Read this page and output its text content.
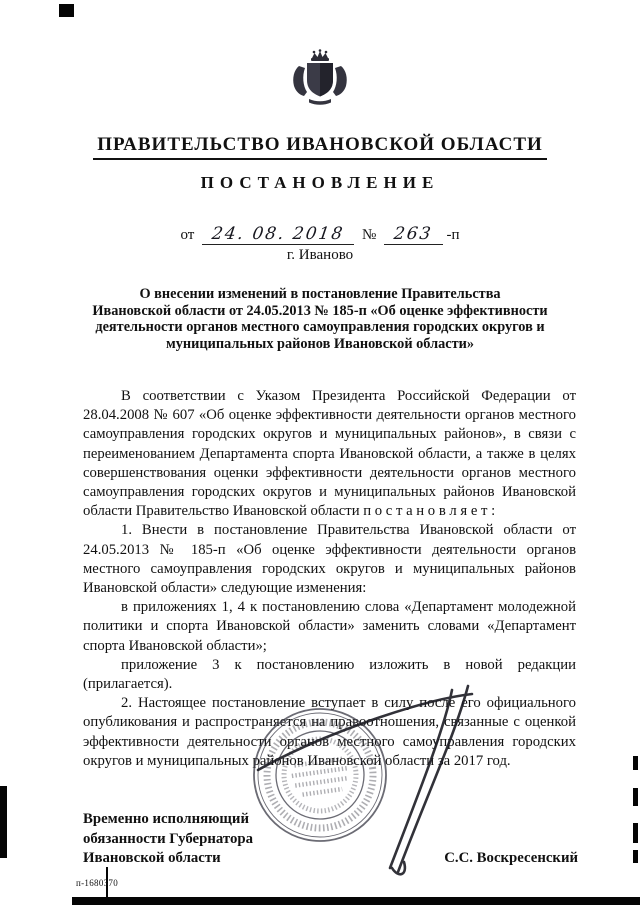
ПРАВИТЕЛЬСТВО ИВАНОВСКОЙ ОБЛАСТИ
ПОСТАНОВЛЕНИЕ
от 24. 08. 2018 № 263 -п
г. Иваново
О внесении изменений в постановление Правительства
Ивановской области от 24.05.2013 № 185-п «Об оценке эффективности
деятельности органов местного самоуправления городских округов и
муниципальных районов Ивановской области»

В соответствии с Указом Президента Российской Федерации от 28.04.2008 № 607 «Об оценке эффективности деятельности органов местного самоуправления городских округов и муниципальных районов», в связи с переименованием Департамента спорта Ивановской области, а также в целях совершенствования оценки эффективности деятельности органов местного самоуправления городских округов и муниципальных районов Ивановской области Правительство Ивановской области п о с т а н о в л я е т :

1. Внести в постановление Правительства Ивановской области от 24.05.2013 № 185-п «Об оценке эффективности деятельности органов местного самоуправления городских округов и муниципальных районов Ивановской области» следующие изменения:

в приложениях 1, 4 к постановлению слова «Департамент молодежной политики и спорта Ивановской области» заменить словами «Департамент спорта Ивановской области»;

приложение 3 к постановлению изложить в новой редакции (прилагается).

2. Настоящее постановление вступает в силу после его официального опубликования и распространяется на правоотношения, связанные с оценкой эффективности деятельности органов местного самоуправления городских округов и муниципальных районов Ивановской области за 2017 год.

Временно исполняющий
обязанности Губернатора
Ивановской области	С.С. Воскресенский
п-1680370
